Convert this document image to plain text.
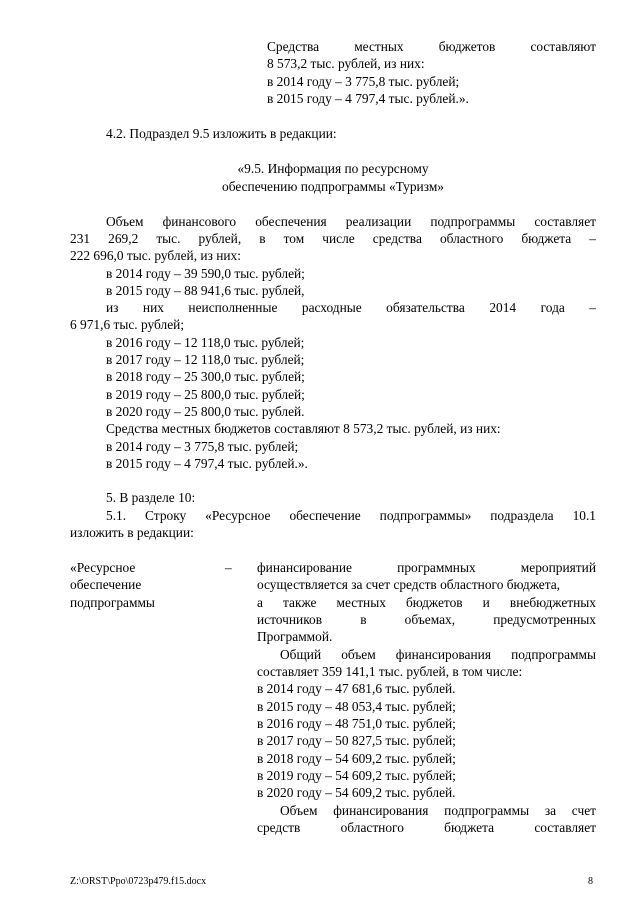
Средства местных бюджетов составляют
8 573,2 тыс. рублей, из них:
в 2014 году – 3 775,8 тыс. рублей;
в 2015 году – 4 797,4 тыс. рублей.».
4.2. Подраздел 9.5 изложить в редакции:
«9.5. Информация по ресурсному
обеспечению подпрограммы «Туризм»
Объем финансового обеспечения реализации подпрограммы составляет
231 269,2 тыс. рублей, в том числе средства областного бюджета –
222 696,0 тыс. рублей, из них:
в 2014 году – 39 590,0 тыс. рублей;
в 2015 году – 88 941,6 тыс. рублей,
из них неисполненные расходные обязательства 2014 года –
6 971,6 тыс. рублей;
в 2016 году – 12 118,0 тыс. рублей;
в 2017 году – 12 118,0 тыс. рублей;
в 2018 году – 25 300,0 тыс. рублей;
в 2019 году – 25 800,0 тыс. рублей;
в 2020 году – 25 800,0 тыс. рублей.
Средства местных бюджетов составляют 8 573,2 тыс. рублей, из них:
в 2014 году – 3 775,8 тыс. рублей;
в 2015 году – 4 797,4 тыс. рублей.».
5. В разделе 10:
5.1. Строку «Ресурсное обеспечение подпрограммы» подраздела 10.1
изложить в редакции:
«Ресурсное	–
обеспечение
подпрограммы
финансирование программных мероприятий
осуществляется за счет средств областного бюджета,
а также местных бюджетов и внебюджетных
источников в объемах, предусмотренных
Программой.
Общий объем финансирования подпрограммы
составляет 359 141,1 тыс. рублей, в том числе:
в 2014 году – 47 681,6 тыс. рублей.
в 2015 году – 48 053,4 тыс. рублей;
в 2016 году – 48 751,0 тыс. рублей;
в 2017 году – 50 827,5 тыс. рублей;
в 2018 году – 54 609,2 тыс. рублей;
в 2019 году – 54 609,2 тыс. рублей;
в 2020 году – 54 609,2 тыс. рублей.
Объем финансирования подпрограммы за счет
средств областного бюджета составляет
Z:\ORST\Ppo\0723p479.f15.docx	8
